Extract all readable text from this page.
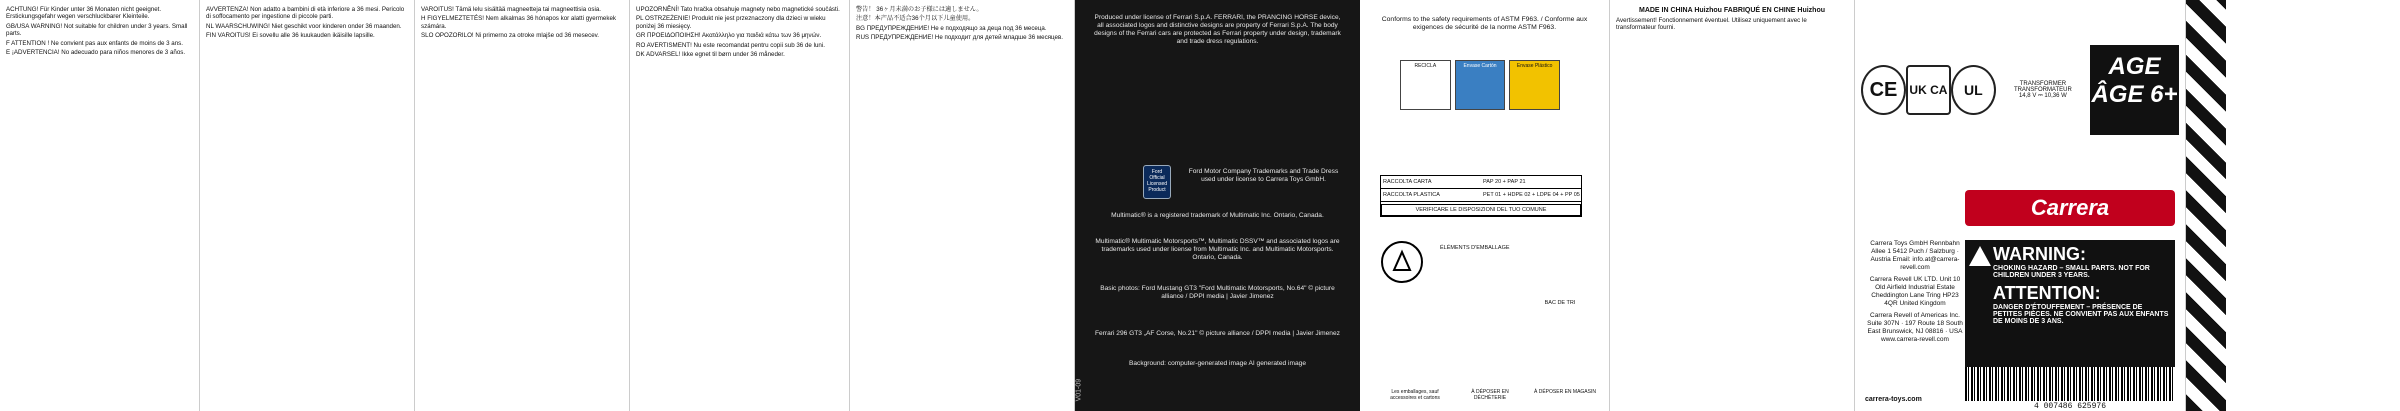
ACHTUNG! Für Kinder unter 36 Monaten nicht geeignet. Erstickungsgefahr wegen verschluckbarer Kleinteile.

GB/USA WARNING! Not suitable for children under 3 years. Small parts.

F ATTENTION ! Ne convient pas aux enfants de moins de 3 ans.

E ¡ADVERTENCIA! No adecuado para niños menores de 3 años.

AVVERTENZA! Non adatto a bambini di età inferiore a 36 mesi. Pericolo di soffocamento per ingestione di piccole parti.

NL WAARSCHUWING! Niet geschikt voor kinderen onder 36 maanden.

FIN VAROITUS! Ei sovellu alle 36 kuukauden ikäisille lapsille.

VAROITUS! Tämä lelu sisältää magneetteja tai magneettisia osia.

H FIGYELMEZTETÉS! Nem alkalmas 36 hónapos kor alatti gyermekek számára.

SLO OPOZORILO! Ni primerno za otroke mlajše od 36 mesecev.

UPOZORNĚNÍ! Tato hračka obsahuje magnety nebo magnetické součásti.

PL OSTRZEŻENIE! Produkt nie jest przeznaczony dla dzieci w wieku poniżej 36 miesięcy.

GR ΠΡΟΕΙΔΟΠΟΙΗΣΗ! Ακατάλληλο για παιδιά κάτω των 36 μηνών.

RO AVERTISMENT! Nu este recomandat pentru copii sub 36 de luni.

DK ADVARSEL! Ikke egnet til børn under 36 måneder.

警告！ 36ヶ月未満のお子様には適しません。

注意！本产品不适合36个月以下儿童使用。

BG ПРЕДУПРЕЖДЕНИЕ! Не е подходящо за деца под 36 месеца.

RUS ПРЕДУПРЕЖДЕНИЕ! Не подходит для детей младше 36 месяцев.

Produced under license of Ferrari S.p.A. FERRARI, the PRANCING HORSE device, all associated logos and distinctive designs are property of Ferrari S.p.A. The body designs of the Ferrari cars are protected as Ferrari property under design, trademark and trade dress regulations.
Ford Official Licensed Product
Ford Motor Company Trademarks and Trade Dress used under license to Carrera Toys GmbH.
Multimatic® is a registered trademark of Multimatic Inc. Ontario, Canada.
Multimatic® Multimatic Motorsports™, Multimatic DSSV™ and associated logos are trademarks used under license from Multimatic Inc. and Multimatic Motorsports. Ontario, Canada.
Basic photos: Ford Mustang GT3 "Ford Multimatic Motorsports, No.64" © picture alliance / DPPI media | Javier Jimenez
Ferrari 296 GT3 „AF Corse, No.21" © picture alliance / DPPI media | Javier Jimenez
Background: computer-generated image AI generated image
V01-09
Conforms to the safety requirements of ASTM F963. / Conforme aux exigences de sécurité de la norme ASTM F963.
RECICLA	Envase Cartón	Envase Plástico
RACCOLTA CARTA	PAP 20 + PAP 21
RACCOLTA PLASTICA	PET 01 + HDPE 02 + LDPE 04 + PP 05
VERIFICARE LE DISPOSIZIONI DEL TUO COMUNE
ÉLÉMENTS D'EMBALLAGE
BAC DE TRI
Les emballages, sauf accessoires et cartons
À DÉPOSER EN DÉCHÈTERIE
À DÉPOSER EN MAGASIN

MADE IN CHINA Huizhou FABRIQUÉ EN CHINE Huizhou

Avertissement! Fonctionnement éventuel. Utilisez uniquement avec le transformateur fourni.

CE	UK CA	UL	TRANSFORMER TRANSFORMATEUR
14,8 V ⎓ 10,36 W
AGE ÂGE 6+
Carrera

Carrera Toys GmbH Rennbahn Allee 1 5412 Puch / Salzburg · Austria Email: info.at@carrera-revell.com

Carrera Revell UK LTD. Unit 10 Old Airfield Industrial Estate Cheddington Lane Tring HP23 4QR United Kingdom

Carrera Revell of Americas Inc. Suite 307N · 197 Route 18 South East Brunswick, NJ 08816 · USA www.carrera-revell.com

WARNING:
CHOKING HAZARD – SMALL PARTS. NOT FOR CHILDREN UNDER 3 YEARS.
ATTENTION:
DANGER D'ÉTOUFFEMENT – PRÉSENCE DE PETITES PIÈCES. NE CONVIENT PAS AUX ENFANTS DE MOINS DE 3 ANS.
carrera-toys.com
4 007486 625976
